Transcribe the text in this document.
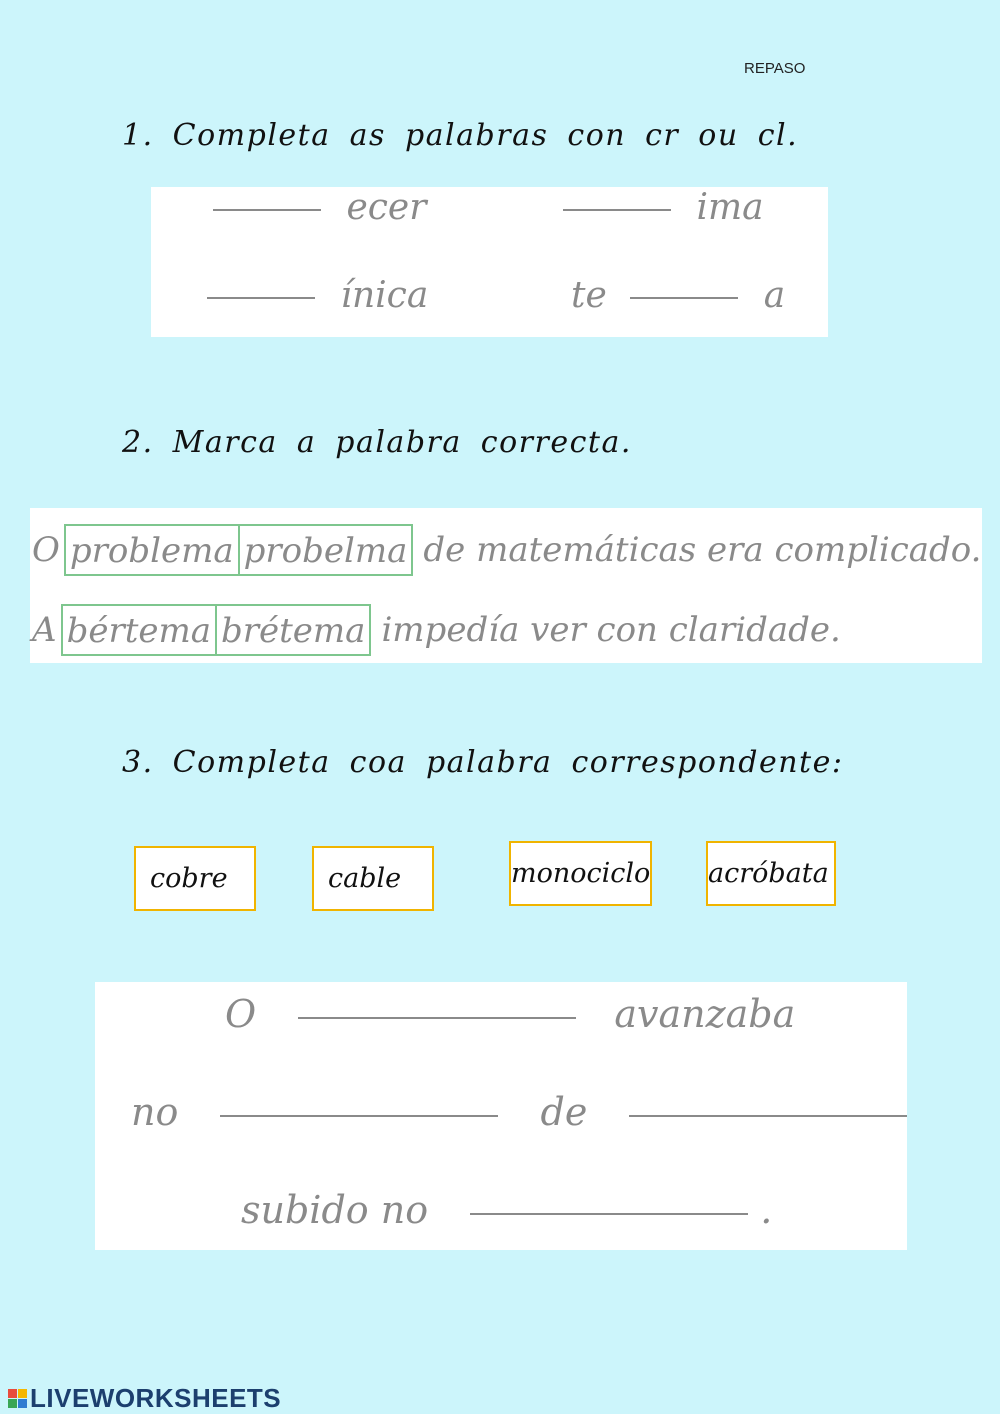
REPASO
1. Completa as palabras con cr ou cl.
ecer	ima
ínica	te	a
2. Marca a palabra correcta.
O problema probelma de matemáticas era complicado.
A bértema brétema impedía ver con claridade.
3. Completa coa palabra correspondente:
cobre	cable	monociclo acróbata
O	avanzaba
no	de
subido no	.
LIVEWORKSHEETS
